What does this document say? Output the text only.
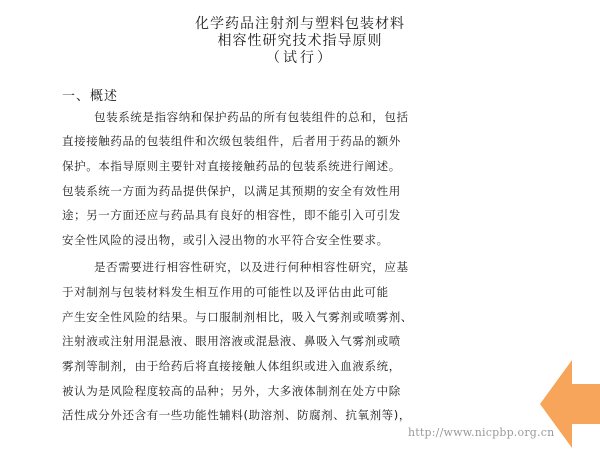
化学药品注射剂与塑料包装材料
相容性研究技术指导原则
（试行）

一、概述

包装系统是指容纳和保护药品的所有包装组件的总和，包括

直接接触药品的包装组件和次级包装组件，后者用于药品的额外

保护。本指导原则主要针对直接接触药品的包装系统进行阐述。

包装系统一方面为药品提供保护，以满足其预期的安全有效性用

途；另一方面还应与药品具有良好的相容性，即不能引入可引发

安全性风险的浸出物，或引入浸出物的水平符合安全性要求。

是否需要进行相容性研究，以及进行何种相容性研究，应基

于对制剂与包装材料发生相互作用的可能性以及评估由此可能

产生安全性风险的结果。与口服制剂相比，吸入气雾剂或喷雾剂、

注射液或注射用混悬液、眼用溶液或混悬液、鼻吸入气雾剂或喷

雾剂等制剂，由于给药后将直接接触人体组织或进入血液系统，

被认为是风险程度较高的品种；另外，大多液体制剂在处方中除

活性成分外还含有一些功能性辅料(助溶剂、防腐剂、抗氧剂等)，

http://www.nicpbp.org.cn
